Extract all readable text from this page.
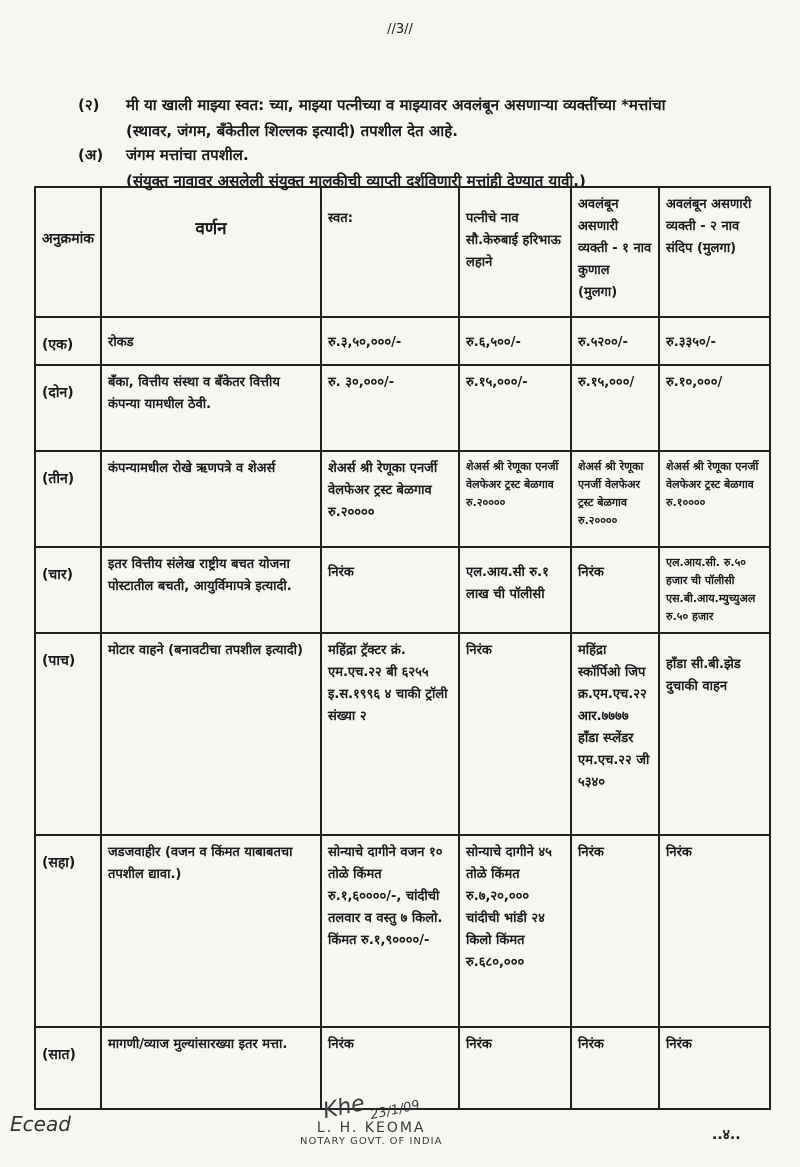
//3//
(२) मी या खाली माझ्या स्वत: च्या, माझ्या पत्नीच्या व माझ्यावर अवलंबून असणाऱ्या व्यक्तींच्या *मत्तांचा
(स्थावर, जंगम, बँकेतील शिल्लक इत्यादी) तपशील देत आहे.
(अ) जंगम मत्तांचा तपशील.
(संयुक्त नावावर असलेली संयुक्त मालकीची व्याप्ती दर्शविणारी मत्तांही देण्यात यावी.)
अनुक्रमांक	वर्णन	स्वत:	पत्नीचे नाव सौ.केरुबाई हरिभाऊ लहाने	अवलंबून असणारी व्यक्ती - १ नाव कुणाल (मुलगा)	अवलंबून असणारी व्यक्ती - २ नाव संदिप (मुलगा)
(एक)	रोकड	रु.३,५०,०००/-	रु.६,५००/-	रु.५२००/-	रु.३३५०/-
(दोन)	बँका, वित्तीय संस्था व बँकेतर वित्तीय कंपन्या यामधील ठेवी.	रु. ३०,०००/-	रु.१५,०००/-	रु.१५,०००/	रु.१०,०००/
(तीन)	कंपन्यामधील रोखे ऋणपत्रे व शेअर्स	शेअर्स श्री रेणूका एनर्जी वेलफेअर ट्रस्ट बेळगाव रु.२००००	शेअर्स श्री रेणूका एनर्जी वेलफेअर ट्रस्ट बेळगाव रु.२००००	शेअर्स श्री रेणूका एनर्जी वेलफेअर ट्रस्ट बेळगाव रु.२००००	शेअर्स श्री रेणूका एनर्जी वेलफेअर ट्रस्ट बेळगाव रु.१००००
(चार)	इतर वित्तीय संलेख राष्ट्रीय बचत योजना पोस्टातील बचती, आयुर्विमापत्रे इत्यादी.	निरंक	एल.आय.सी रु.१ लाख ची पॉलीसी	निरंक	एल.आय.सी. रु.५० हजार ची पॉलीसी एस.बी.आय.म्युच्युअल रु.५० हजार
(पाच)	मोटार वाहने (बनावटीचा तपशील इत्यादी)	महिंद्रा ट्रॅक्टर क्रं. एम.एच.२२ बी ६२५५ इ.स.१९९६ ४ चाकी ट्रॉली संख्या २	निरंक	महिंद्रा स्कॉर्पिओ जिप क्र.एम.एच.२२ आर.७७७७ हॉंडा स्प्लेंडर एम.एच.२२ जी ५३४०	हॉंडा सी.बी.झेड दुचाकी वाहन
(सहा)	जडजवाहीर (वजन व किंमत याबाबतचा तपशील द्यावा.)	सोन्याचे दागीने वजन १० तोळे किंमत रु.१,६००००/-, चांदीची तलवार व वस्तु ७ किलो. किंमत रु.१,९००००/-	सोन्याचे दागीने ४५ तोळे किंमत रु.७,२०,००० चांदीची भांडी २४ किलो किंमत रु.६८०,०००	निरंक	निरंक
(सात)	मागणी/व्याज मुल्यांसारख्या इतर मत्ता.	निरंक	निरंक	निरंक	निरंक
Ecead	Khe 23/1/09
L. H. KEOMA
NOTARY GOVT. OF INDIA	..४..
